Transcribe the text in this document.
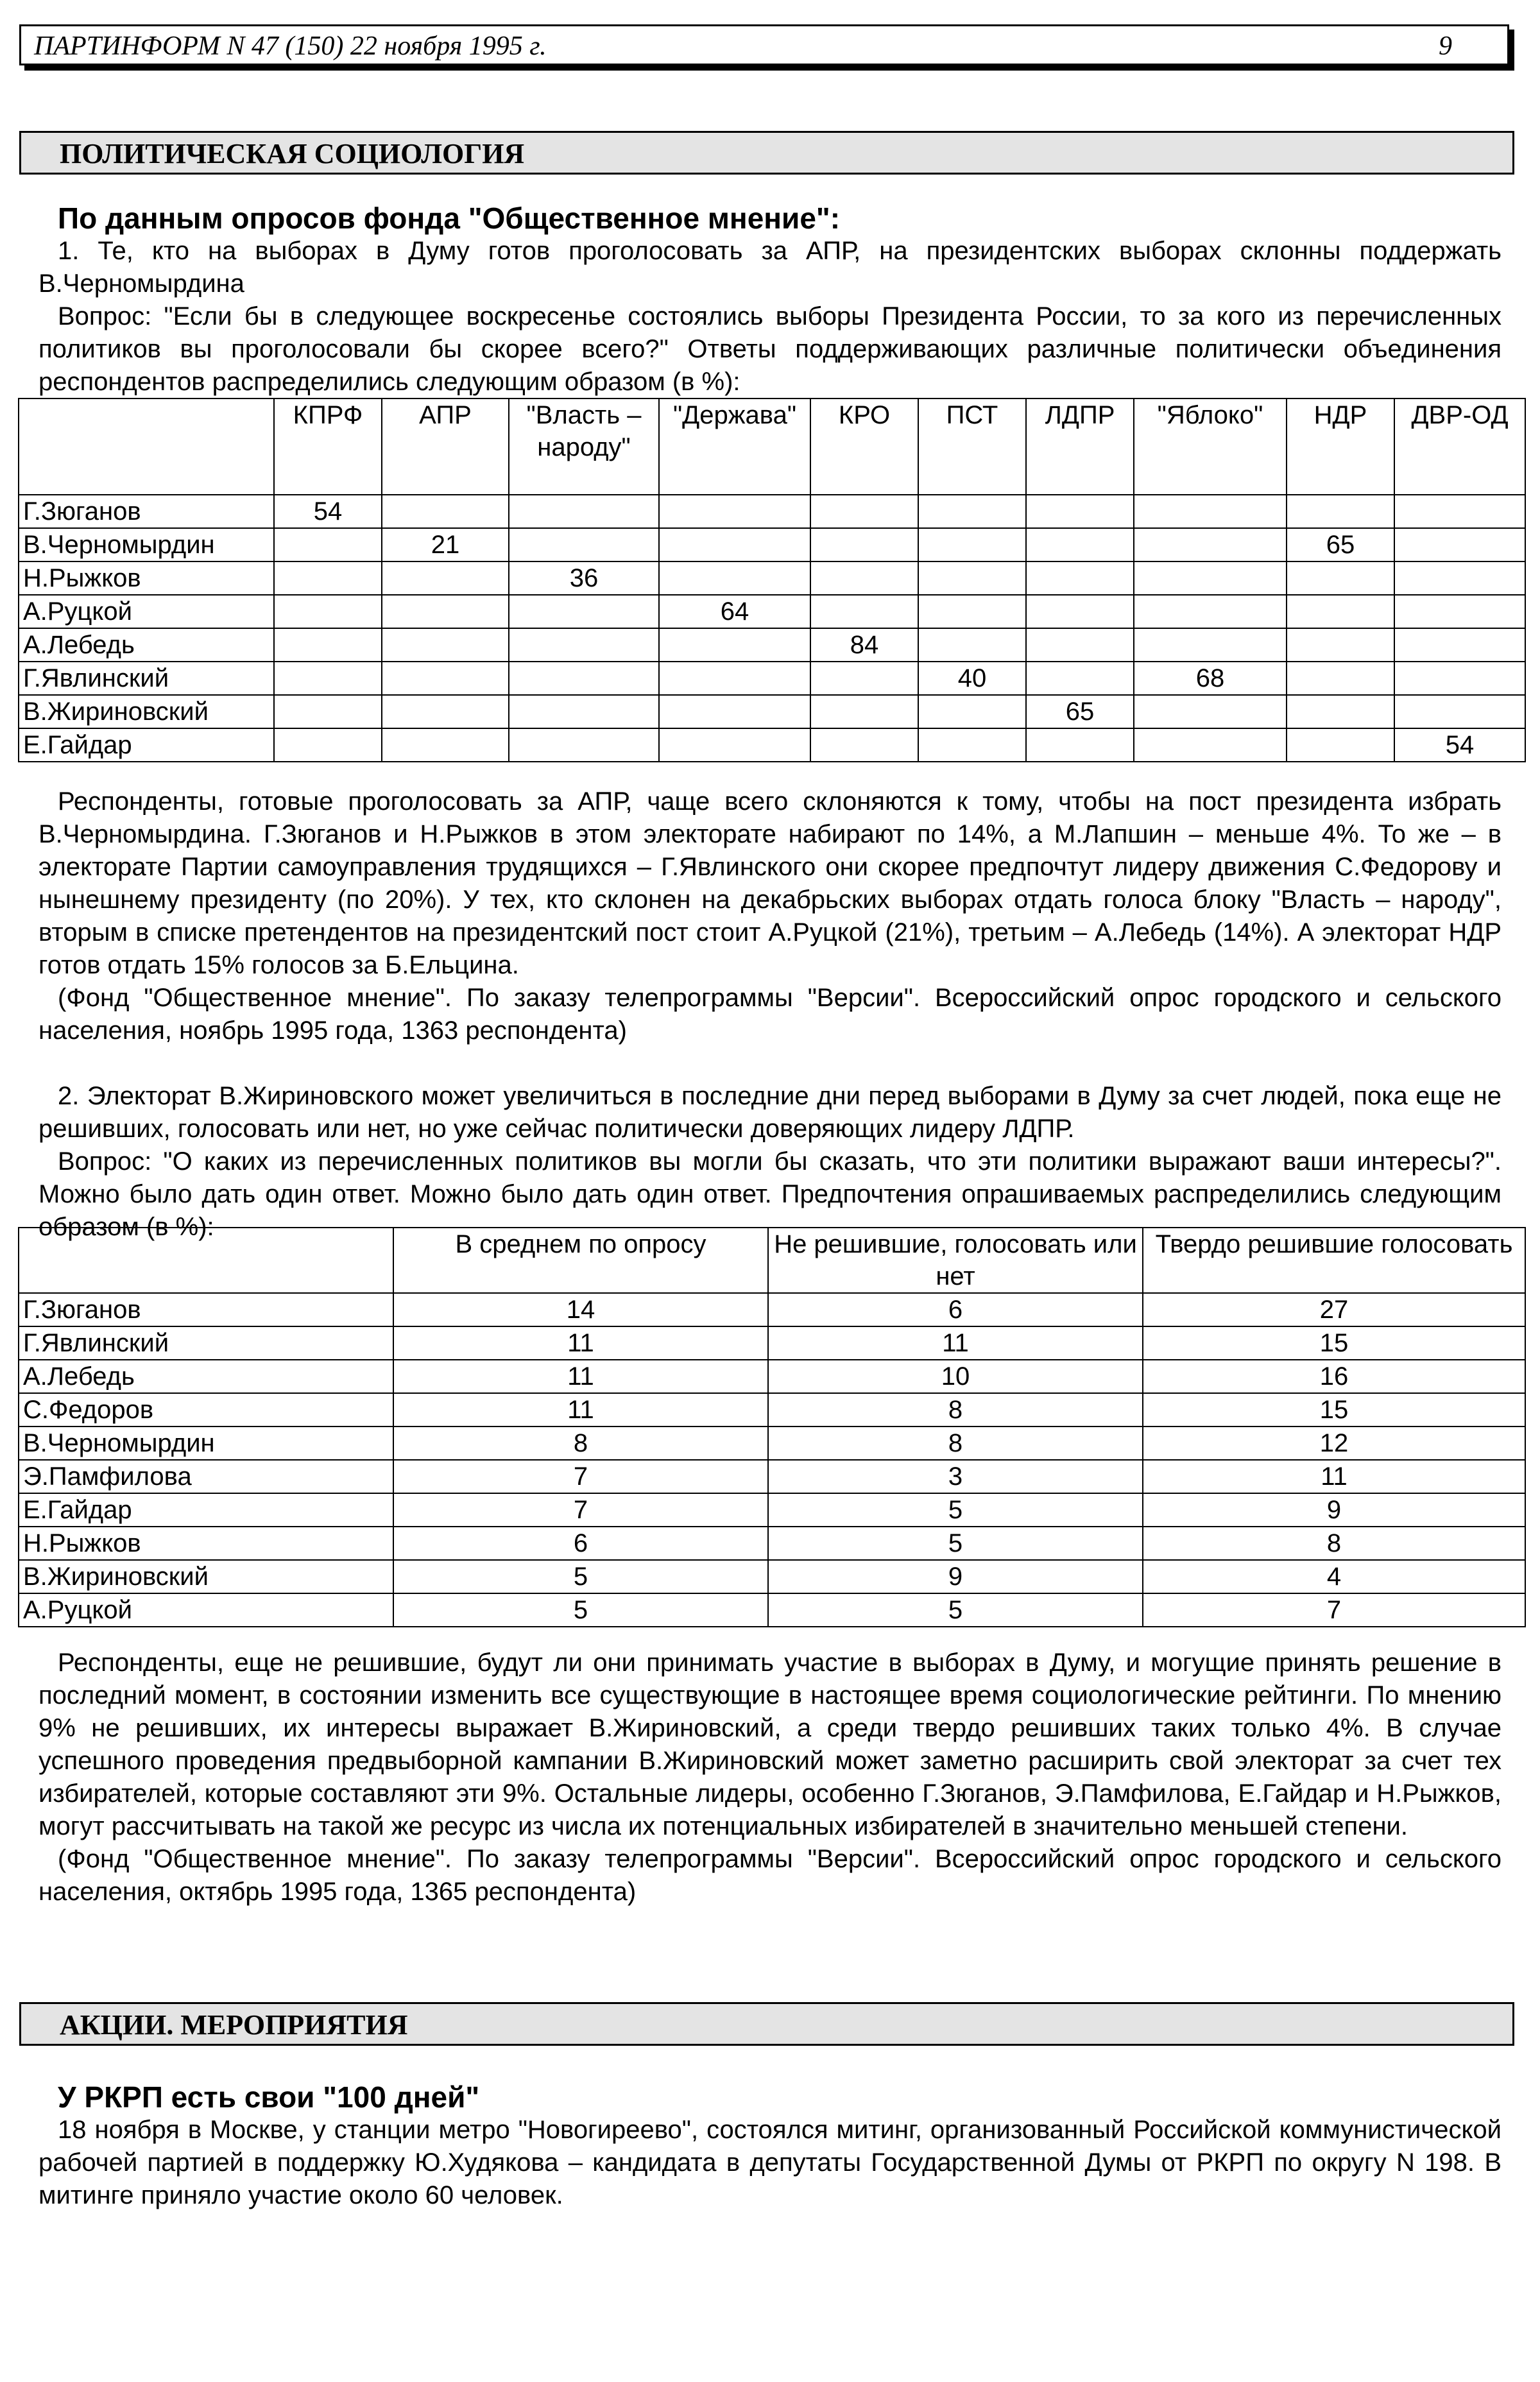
ПАРТИНФОРМ N 47 (150) 22 ноября 1995 г.	9
ПОЛИТИЧЕСКАЯ СОЦИОЛОГИЯ

По данным опросов фонда "Общественное мнение":

1. Те, кто на выборах в Думу готов проголосовать за АПР, на президентских выборах склонны поддержать В.Черномырдина

Вопрос: "Если бы в следующее воскресенье состоялись выборы Президента России, то за кого из перечисленных политиков вы проголосовали бы скорее всего?" Ответы поддерживающих различные политически объединения респондентов распределились следующим образом (в %):

	КПРФ	АПР	"Власть – народу"	"Держава"	КРО	ПСТ	ЛДПР	"Яблоко"	НДР	ДВР-ОД
Г.Зюганов	54									
В.Черномырдин		21							65	
Н.Рыжков			36							
А.Руцкой				64						
А.Лебедь					84					
Г.Явлинский						40		68		
В.Жириновский							65			
Е.Гайдар										54

Респонденты, готовые проголосовать за АПР, чаще всего склоняются к тому, чтобы на пост президента избрать В.Черномырдина. Г.Зюганов и Н.Рыжков в этом электорате набирают по 14%, а М.Лапшин – меньше 4%. То же – в электорате Партии самоуправления трудящихся – Г.Явлинского они скорее предпочтут лидеру движения С.Федорову и нынешнему президенту (по 20%). У тех, кто склонен на декабрьских выборах отдать голоса блоку "Власть – народу", вторым в списке претендентов на президентский пост стоит А.Руцкой (21%), третьим – А.Лебедь (14%). А электорат НДР готов отдать 15% голосов за Б.Ельцина.

(Фонд "Общественное мнение". По заказу телепрограммы "Версии". Всероссийский опрос городского и сельского населения, ноябрь 1995 года, 1363 респондента)

2. Электорат В.Жириновского может увеличиться в последние дни перед выборами в Думу за счет людей, пока еще не решивших, голосовать или нет, но уже сейчас политически доверяющих лидеру ЛДПР.

Вопрос: "О каких из перечисленных политиков вы могли бы сказать, что эти политики выражают ваши интересы?". Можно было дать один ответ. Можно было дать один ответ. Предпочтения опрашиваемых распределились следующим образом (в %):

	В среднем по опросу	Не решившие, голосовать или нет	Твердо решившие голосовать
Г.Зюганов	14	6	27
Г.Явлинский	11	11	15
А.Лебедь	11	10	16
С.Федоров	11	8	15
В.Черномырдин	8	8	12
Э.Памфилова	7	3	11
Е.Гайдар	7	5	9
Н.Рыжков	6	5	8
В.Жириновский	5	9	4
А.Руцкой	5	5	7

Респонденты, еще не решившие, будут ли они принимать участие в выборах в Думу, и могущие принять решение в последний момент, в состоянии изменить все существующие в настоящее время социологические рейтинги. По мнению 9% не решивших, их интересы выражает В.Жириновский, а среди твердо решивших таких только 4%. В случае успешного проведения предвыборной кампании В.Жириновский может заметно расширить свой электорат за счет тех избирателей, которые составляют эти 9%. Остальные лидеры, особенно Г.Зюганов, Э.Памфилова, Е.Гайдар и Н.Рыжков, могут рассчитывать на такой же ресурс из числа их потенциальных избирателей в значительно меньшей степени.

(Фонд "Общественное мнение". По заказу телепрограммы "Версии". Всероссийский опрос городского и сельского населения, октябрь 1995 года, 1365 респондента)

АКЦИИ. МЕРОПРИЯТИЯ

У РКРП есть свои "100 дней"

18 ноября в Москве, у станции метро "Новогиреево", состоялся митинг, организованный Российской коммунистической рабочей партией в поддержку Ю.Худякова – кандидата в депутаты Государственной Думы от РКРП по округу N 198. В митинге приняло участие около 60 человек.
